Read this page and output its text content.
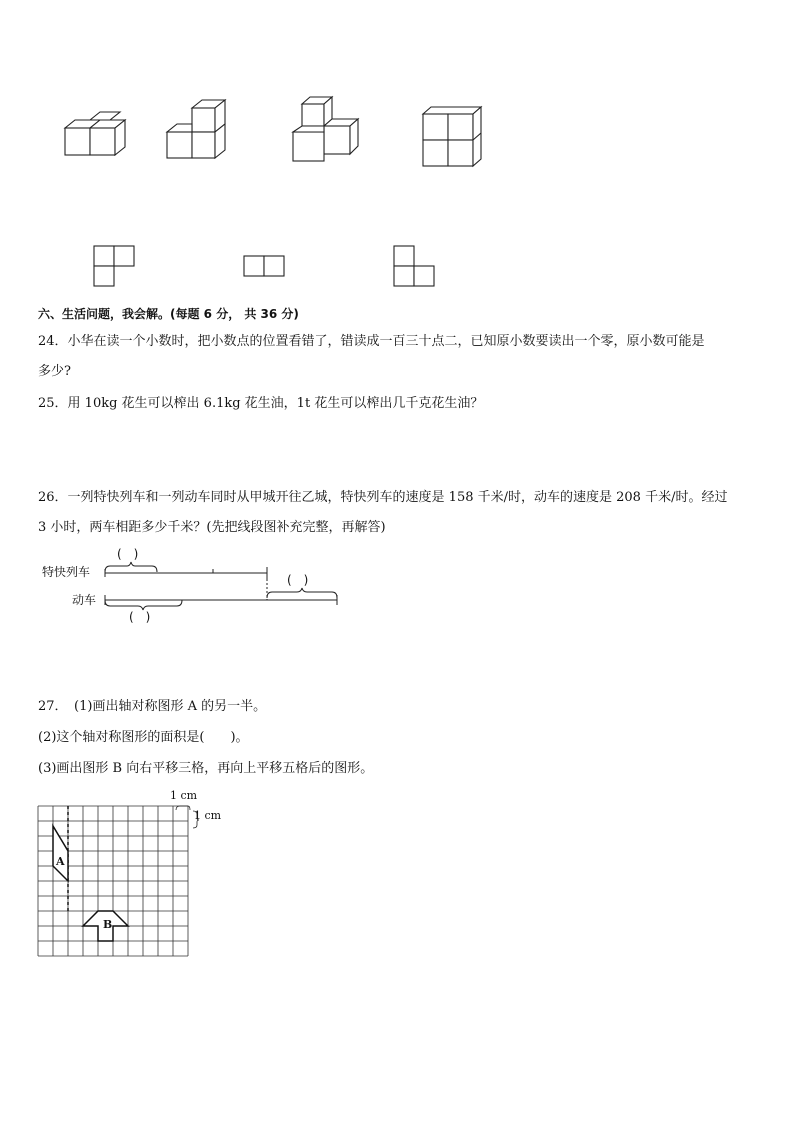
六、生活问题，我会解。(每题 6 分， 共 36 分)
24．小华在读一个小数时，把小数点的位置看错了，错读成一百三十点二，已知原小数要读出一个零，原小数可能是
多少?
25．用 10kg 花生可以榨出 6.1kg 花生油，1t 花生可以榨出几千克花生油？
26．一列特快列车和一列动车同时从甲城开往乙城，特快列车的速度是 158 千米/时，动车的速度是 208 千米/时。经过
3 小时，两车相距多少千米？(先把线段图补充完整，再解答)
特快列车
动车
(　)
(　)
(　)
27．　(1)画出轴对称图形 A 的另一半。
(2)这个轴对称图形的面积是(　　)。
(3)画出图形 B 向右平移三格，再向上平移五格后的图形。
1 cm
1 cm
A
B
